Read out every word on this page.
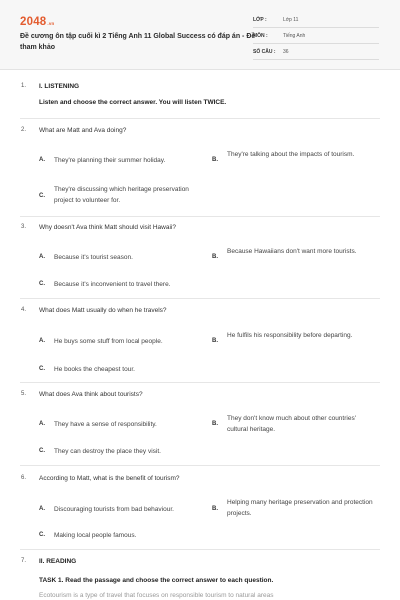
2048.vn
Đề cương ôn tập cuối kì 2 Tiếng Anh 11 Global Success có đáp án - Đề tham khảo
LỚP :	Lớp 11
MÔN :	Tiếng Anh
SỐ CÂU : 36
1. I. LISTENING
Listen and choose the correct answer. You will listen TWICE.
2. What are Matt and Ava doing?
A. They're planning their summer holiday.	B.
They're talking about the impacts of tourism.
C.
They're discussing which heritage preservation project to volunteer for.
3. Why doesn't Ava think Matt should visit Hawaii?
A. Because it's tourist season.	B.
Because Hawaiians don't want more tourists.
C. Because it's inconvenient to travel there.
4. What does Matt usually do when he travels?
A. He buys some stuff from local people.	B.
He fulfils his responsibility before departing.
C. He books the cheapest tour.
5. What does Ava think about tourists?
A. They have a sense of responsibility.	B.
They don't know much about other countries' cultural heritage.
C. They can destroy the place they visit.
6. According to Matt, what is the benefit of tourism?
A. Discouraging tourists from bad behaviour.	B.
Helping many heritage preservation and protection projects.
C. Making local people famous.
7. II. READING
TASK 1. Read the passage and choose the correct answer to each question.
Ecotourism is a type of travel that focuses on responsible tourism to natural areas
